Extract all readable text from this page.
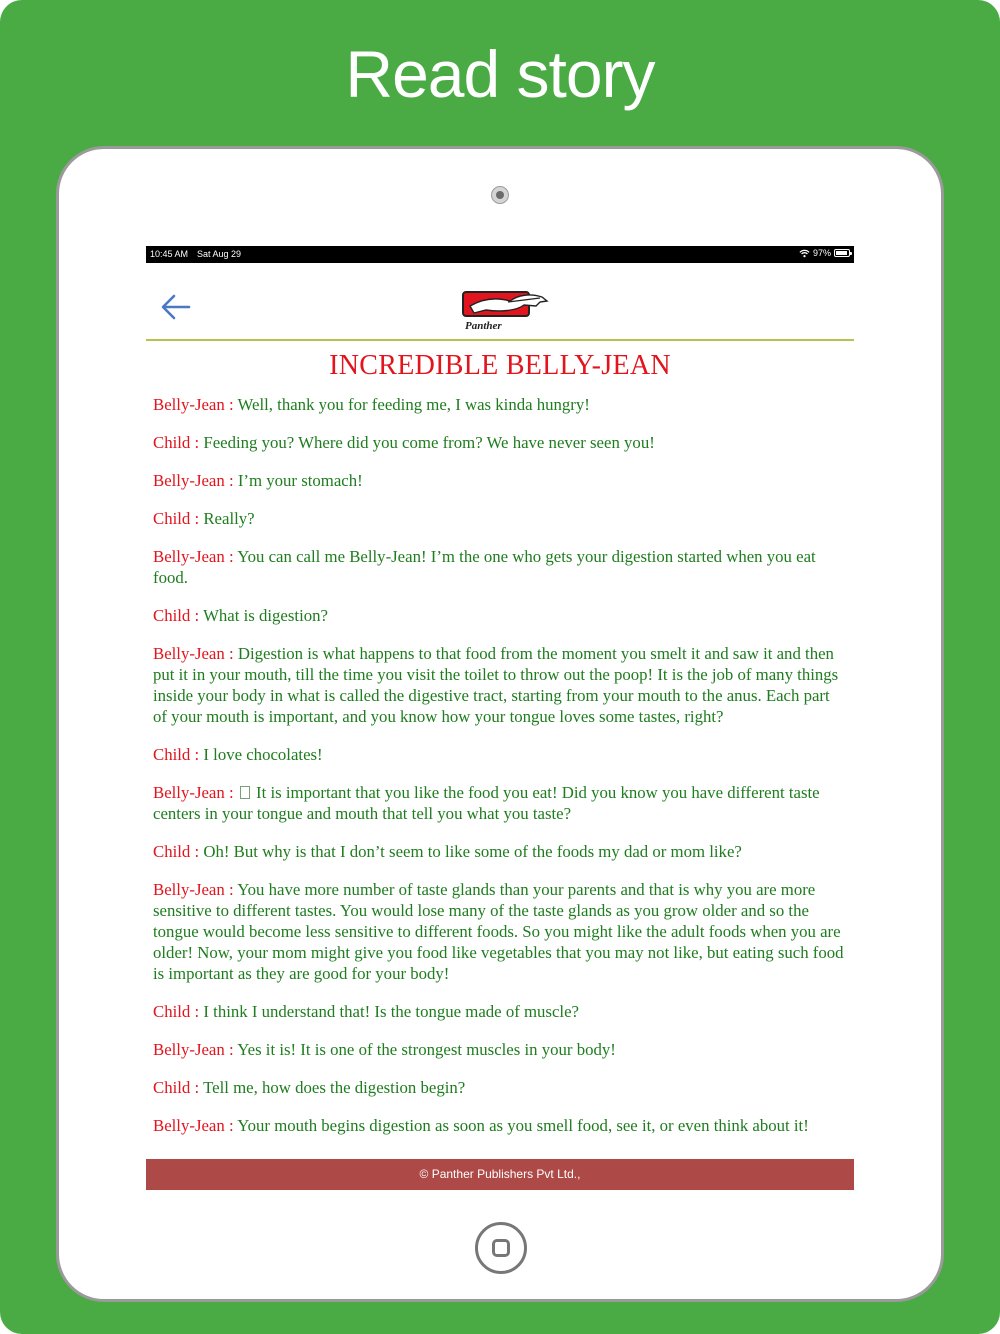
Read story
10:45 AM Sat Aug 29	97%
Panther
INCREDIBLE BELLY-JEAN

Belly-Jean : Well, thank you for feeding me, I was kinda hungry!

Child : Feeding you? Where did you come from? We have never seen you!

Belly-Jean : I’m your stomach!

Child : Really?

Belly-Jean : You can call me Belly-Jean! I’m the one who gets your digestion started when you eat food.

Child : What is digestion?

Belly-Jean : Digestion is what happens to that food from the moment you smelt it and saw it and then put it in your mouth, till the time you visit the toilet to throw out the poop! It is the job of many things inside your body in what is called the digestive tract, starting from your mouth to the anus. Each part of your mouth is important, and you know how your tongue loves some tastes, right?

Child : I love chocolates!

Belly-Jean :  It is important that you like the food you eat! Did you know you have different taste centers in your tongue and mouth that tell you what you taste?

Child : Oh! But why is that I don’t seem to like some of the foods my dad or mom like?

Belly-Jean : You have more number of taste glands than your parents and that is why you are more sensitive to different tastes. You would lose many of the taste glands as you grow older and so the tongue would become less sensitive to different foods. So you might like the adult foods when you are older! Now, your mom might give you food like vegetables that you may not like, but eating such food is important as they are good for your body!

Child : I think I understand that! Is the tongue made of muscle?

Belly-Jean : Yes it is! It is one of the strongest muscles in your body!

Child : Tell me, how does the digestion begin?

Belly-Jean : Your mouth begins digestion as soon as you smell food, see it, or even think about it!

© Panther Publishers Pvt Ltd.,
